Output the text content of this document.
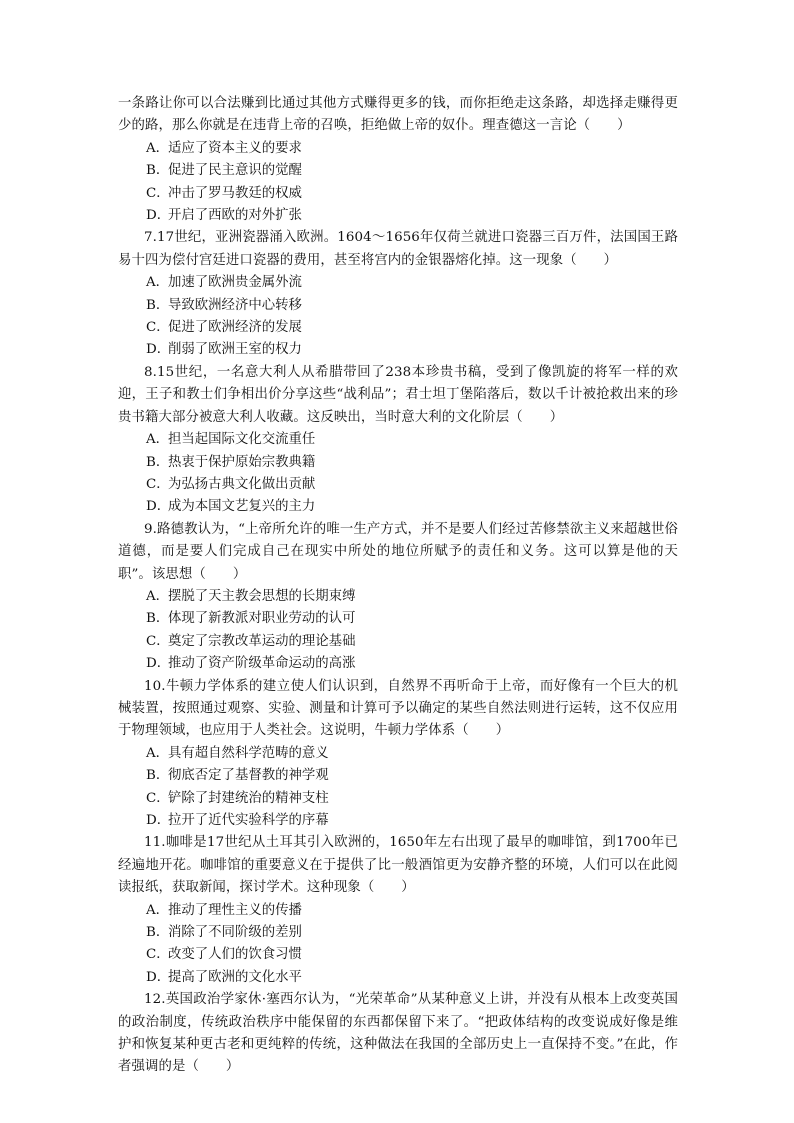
一条路让你可以合法赚到比通过其他方式赚得更多的钱，而你拒绝走这条路，却选择走赚得更少的路，那么你就是在违背上帝的召唤，拒绝做上帝的奴仆。理查德这一言论（　　）

A．适应了资本主义的要求
B．促进了民主意识的觉醒
C．冲击了罗马教廷的权威
D．开启了西欧的对外扩张

7.17世纪，亚洲瓷器涌入欧洲。1604～1656年仅荷兰就进口瓷器三百万件，法国国王路易十四为偿付宫廷进口瓷器的费用，甚至将宫内的金银器熔化掉。这一现象（　　）

A．加速了欧洲贵金属外流
B．导致欧洲经济中心转移
C．促进了欧洲经济的发展
D．削弱了欧洲王室的权力

8.15世纪，一名意大利人从希腊带回了238本珍贵书稿，受到了像凯旋的将军一样的欢迎，王子和教士们争相出价分享这些“战利品”；君士坦丁堡陷落后，数以千计被抢救出来的珍贵书籍大部分被意大利人收藏。这反映出，当时意大利的文化阶层（　　）

A．担当起国际文化交流重任
B．热衷于保护原始宗教典籍
C．为弘扬古典文化做出贡献
D．成为本国文艺复兴的主力

9.路德教认为，“上帝所允许的唯一生产方式，并不是要人们经过苦修禁欲主义来超越世俗道德，而是要人们完成自己在现实中所处的地位所赋予的责任和义务。这可以算是他的天职”。该思想（　　）

A．摆脱了天主教会思想的长期束缚
B．体现了新教派对职业劳动的认可
C．奠定了宗教改革运动的理论基础
D．推动了资产阶级革命运动的高涨

10.牛顿力学体系的建立使人们认识到，自然界不再听命于上帝，而好像有一个巨大的机械装置，按照通过观察、实验、测量和计算可予以确定的某些自然法则进行运转，这不仅应用于物理领域，也应用于人类社会。这说明，牛顿力学体系（　　）

A．具有超自然科学范畴的意义
B．彻底否定了基督教的神学观
C．铲除了封建统治的精神支柱
D．拉开了近代实验科学的序幕

11.咖啡是17世纪从土耳其引入欧洲的，1650年左右出现了最早的咖啡馆，到1700年已经遍地开花。咖啡馆的重要意义在于提供了比一般酒馆更为安静齐整的环境，人们可以在此阅读报纸，获取新闻，探讨学术。这种现象（　　）

A．推动了理性主义的传播
B．消除了不同阶级的差别
C．改变了人们的饮食习惯
D．提高了欧洲的文化水平

12.英国政治学家休·塞西尔认为，“光荣革命”从某种意义上讲，并没有从根本上改变英国的政治制度，传统政治秩序中能保留的东西都保留下来了。“把政体结构的改变说成好像是维护和恢复某种更古老和更纯粹的传统，这种做法在我国的全部历史上一直保持不变。”在此，作者强调的是（　　）
